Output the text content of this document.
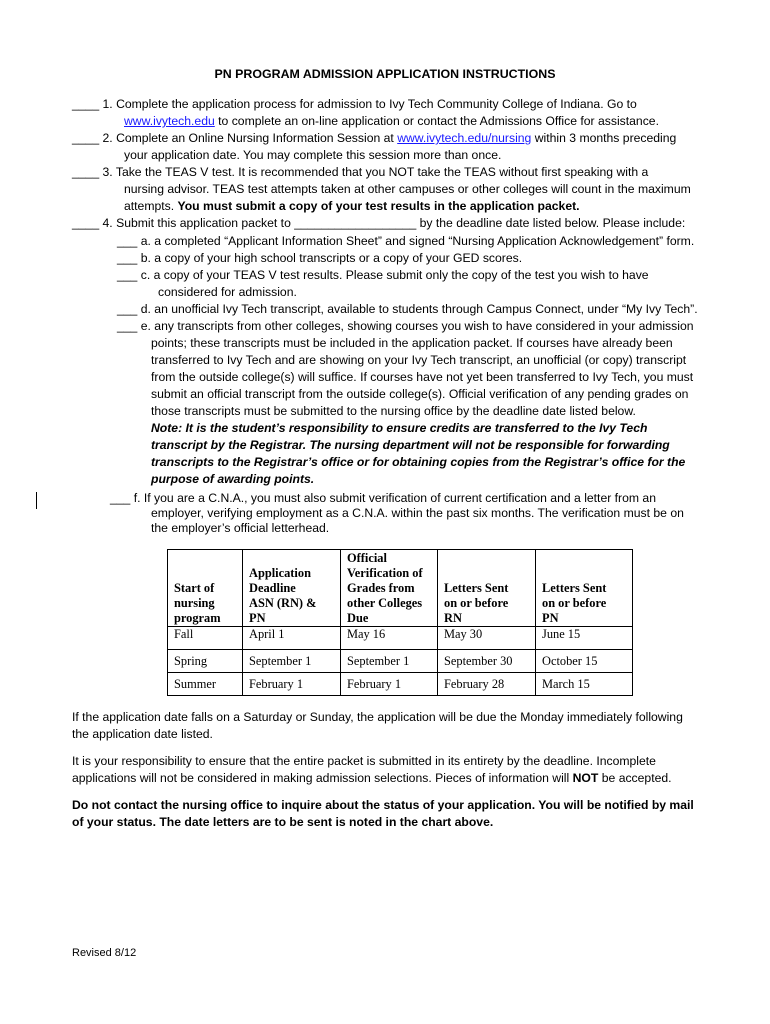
PN PROGRAM ADMISSION APPLICATION INSTRUCTIONS
____ 1. Complete the application process for admission to Ivy Tech Community College of Indiana. Go to
www.ivytech.edu to complete an on-line application or contact the Admissions Office for assistance.
____ 2. Complete an Online Nursing Information Session at www.ivytech.edu/nursing within 3 months preceding
your application date. You may complete this session more than once.
____ 3. Take the TEAS V test. It is recommended that you NOT take the TEAS without first speaking with a
nursing advisor. TEAS test attempts taken at other campuses or other colleges will count in the maximum
attempts. You must submit a copy of your test results in the application packet.
____ 4. Submit this application packet to __________________ by the deadline date listed below. Please include:
___ a. a completed “Applicant Information Sheet” and signed “Nursing Application Acknowledgement” form.
___ b. a copy of your high school transcripts or a copy of your GED scores.
___ c. a copy of your TEAS V test results. Please submit only the copy of the test you wish to have
considered for admission.
___ d. an unofficial Ivy Tech transcript, available to students through Campus Connect, under “My Ivy Tech”.
___ e. any transcripts from other colleges, showing courses you wish to have considered in your admission
points; these transcripts must be included in the application packet. If courses have already been
transferred to Ivy Tech and are showing on your Ivy Tech transcript, an unofficial (or copy) transcript
from the outside college(s) will suffice. If courses have not yet been transferred to Ivy Tech, you must
submit an official transcript from the outside college(s). Official verification of any pending grades on
those transcripts must be submitted to the nursing office by the deadline date listed below.
Note: It is the student’s responsibility to ensure credits are transferred to the Ivy Tech
transcript by the Registrar. The nursing department will not be responsible for forwarding
transcripts to the Registrar’s office or for obtaining copies from the Registrar’s office for the
purpose of awarding points.
___ f. If you are a C.N.A., you must also submit verification of current certification and a letter from an
employer, verifying employment as a C.N.A. within the past six months. The verification must be on
the employer’s official letterhead.
Start of
nursing
program	Application
Deadline
ASN (RN) &
PN	Official
Verification of
Grades from
other Colleges
Due	Letters Sent
on or before
RN	Letters Sent
on or before
PN
Fall	April 1	May 16	May 30	June 15
Spring	September 1	September 1	September 30	October 15
Summer	February 1	February 1	February 28	March 15
If the application date falls on a Saturday or Sunday, the application will be due the Monday immediately following
the application date listed.
It is your responsibility to ensure that the entire packet is submitted in its entirety by the deadline. Incomplete
applications will not be considered in making admission selections. Pieces of information will NOT be accepted.
Do not contact the nursing office to inquire about the status of your application. You will be notified by mail
of your status. The date letters are to be sent is noted in the chart above.
Revised 8/12
